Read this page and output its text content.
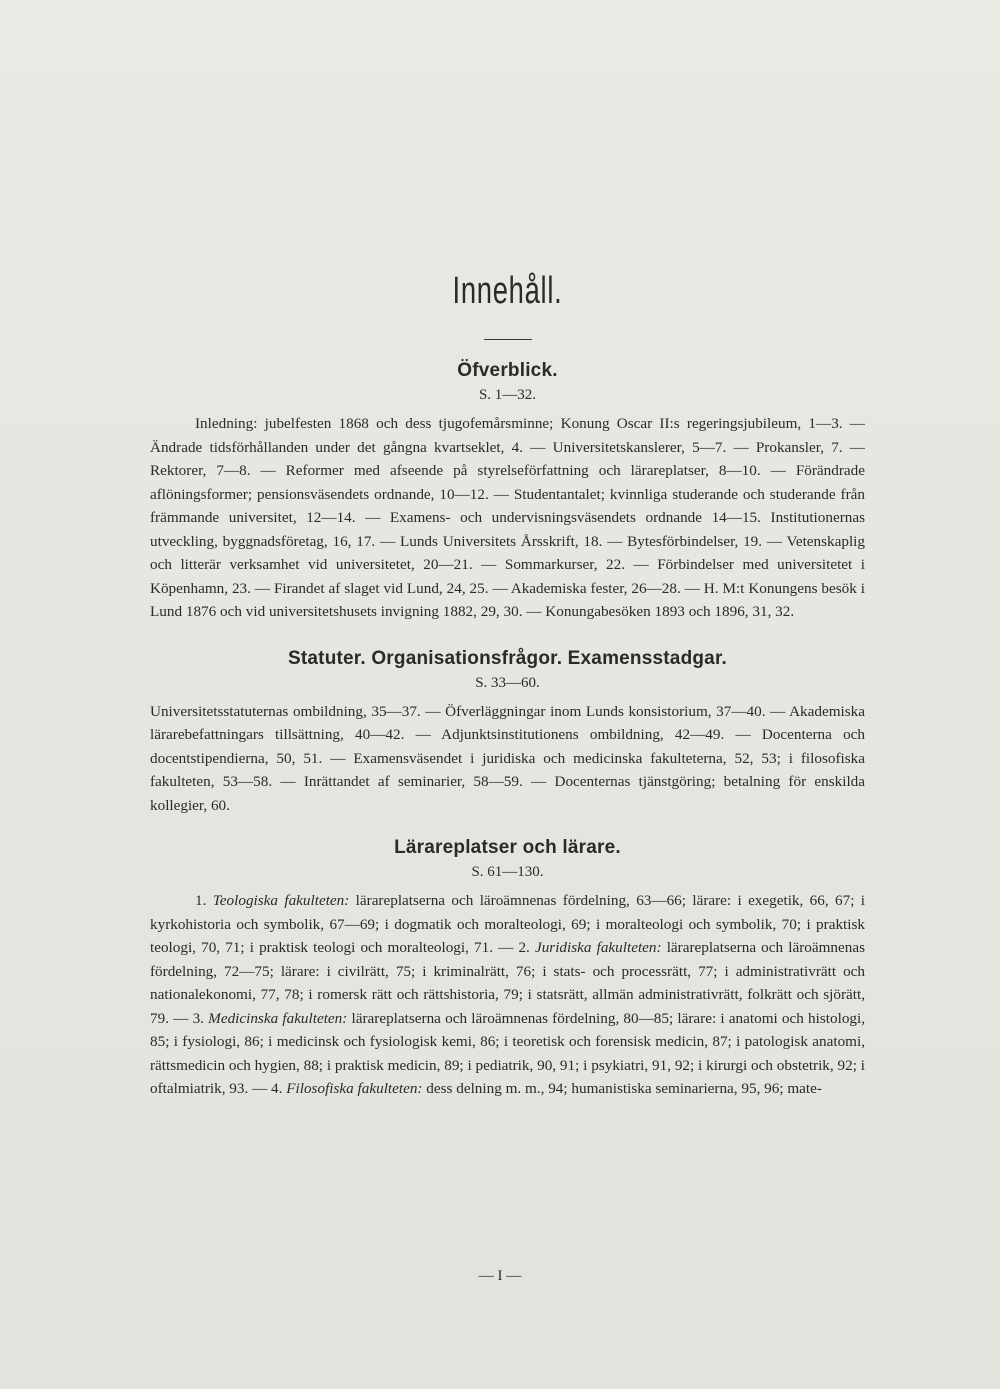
Innehåll.
Öfverblick.
S. 1—32.

Inledning: jubelfesten 1868 och dess tjugofemårsminne; Konung Oscar II:s regeringsjubileum, 1—3. — Ändrade tidsförhållanden under det gångna kvartseklet, 4. — Universitetskanslerer, 5—7. — Prokansler, 7. — Rektorer, 7—8. — Reformer med afseende på styrelseförfattning och lärareplatser, 8—10. — Förändrade aflöningsformer; pensionsväsendets ordnande, 10—12. — Studentantalet; kvinnliga studerande och studerande från främmande universitet, 12—14. — Examens- och undervisningsväsendets ordnande 14—15. Institutionernas utveckling, byggnadsföretag, 16, 17. — Lunds Universitets Årsskrift, 18. — Bytesförbindelser, 19. — Vetenskaplig och litterär verksamhet vid universitetet, 20—21. — Sommarkurser, 22. — Förbindelser med universitetet i Köpenhamn, 23. — Firandet af slaget vid Lund, 24, 25. — Akademiska fester, 26—28. — H. M:t Konungens besök i Lund 1876 och vid universitetshusets invigning 1882, 29, 30. — Konungabesöken 1893 och 1896, 31, 32.

Statuter. Organisationsfrågor. Examensstadgar.
S. 33—60.

Universitetsstatuternas ombildning, 35—37. — Öfverläggningar inom Lunds konsistorium, 37—40. — Akademiska lärarebefattningars tillsättning, 40—42. — Adjunktsinstitutionens ombildning, 42—49. — Docenterna och docentstipendierna, 50, 51. — Examensväsendet i juridiska och medicinska fakulteterna, 52, 53; i filosofiska fakulteten, 53—58. — Inrättandet af seminarier, 58—59. — Docenternas tjänstgöring; betalning för enskilda kollegier, 60.

Lärareplatser och lärare.
S. 61—130.

1. Teologiska fakulteten: lärareplatserna och läroämnenas fördelning, 63—66; lärare: i exegetik, 66, 67; i kyrkohistoria och symbolik, 67—69; i dogmatik och moralteologi, 69; i moralteologi och symbolik, 70; i praktisk teologi, 70, 71; i praktisk teologi och moralteologi, 71. — 2. Juridiska fakulteten: lärareplatserna och läroämnenas fördelning, 72—75; lärare: i civilrätt, 75; i kriminalrätt, 76; i stats- och processrätt, 77; i administrativrätt och nationalekonomi, 77, 78; i romersk rätt och rättshistoria, 79; i statsrätt, allmän administrativrätt, folkrätt och sjörätt, 79. — 3. Medicinska fakulteten: lärareplatserna och läroämnenas fördelning, 80—85; lärare: i anatomi och histologi, 85; i fysiologi, 86; i medicinsk och fysiologisk kemi, 86; i teoretisk och forensisk medicin, 87; i patologisk anatomi, rättsmedicin och hygien, 88; i praktisk medicin, 89; i pediatrik, 90, 91; i psykiatri, 91, 92; i kirurgi och obstetrik, 92; i oftalmiatrik, 93. — 4. Filosofiska fakulteten: dess delning m. m., 94; humanistiska seminarierna, 95, 96; mate-

— I —
